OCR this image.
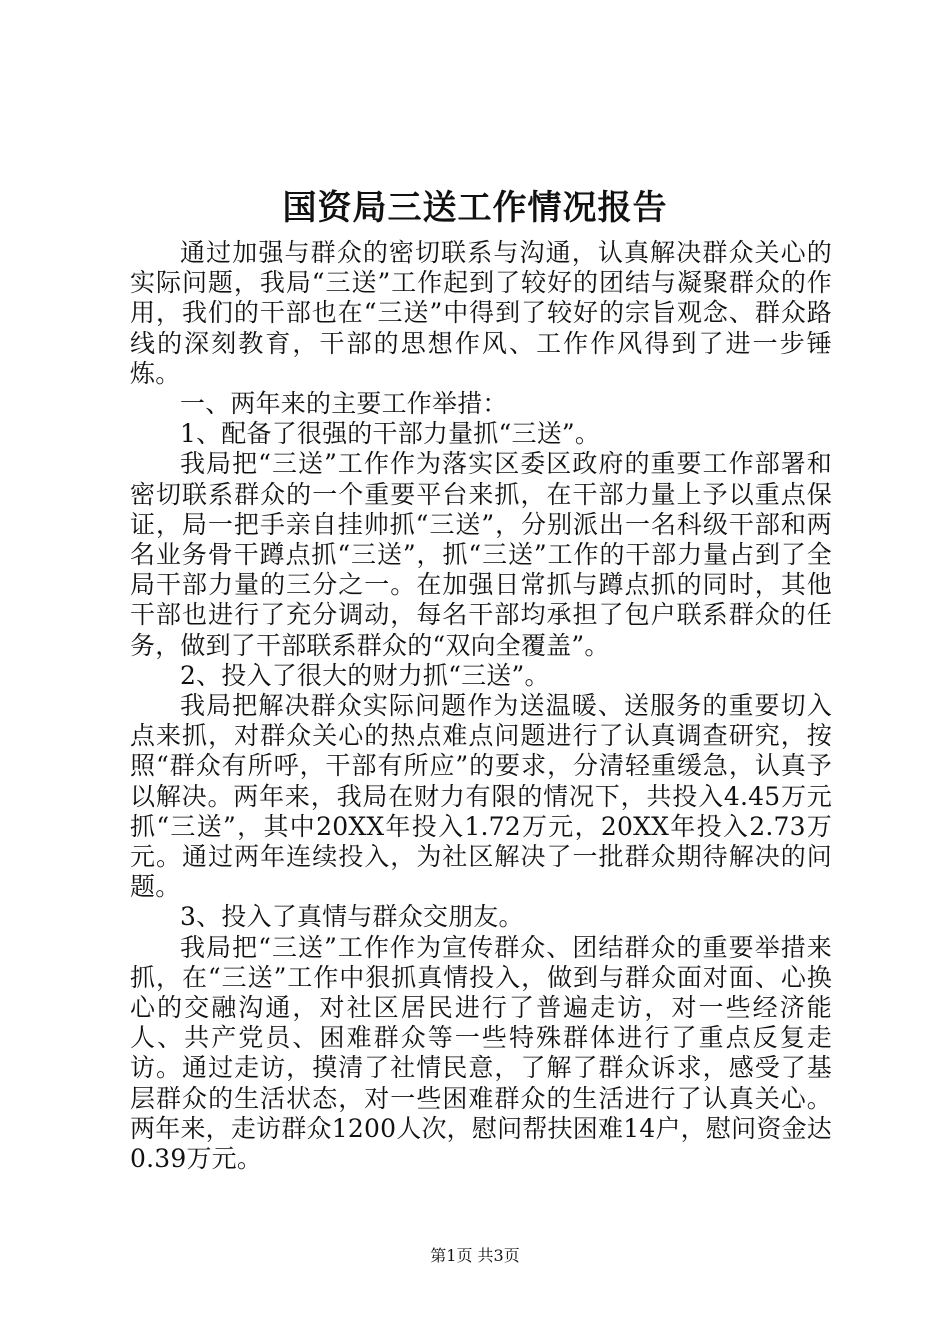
国资局三送工作情况报告

通过加强与群众的密切联系与沟通，认真解决群众关心的实际问题，我局“三送”工作起到了较好的团结与凝聚群众的作用，我们的干部也在“三送”中得到了较好的宗旨观念、群众路线的深刻教育，干部的思想作风、工作作风得到了进一步锤炼。

一、两年来的主要工作举措：

1、配备了很强的干部力量抓“三送”。

我局把“三送”工作作为落实区委区政府的重要工作部署和密切联系群众的一个重要平台来抓，在干部力量上予以重点保证，局一把手亲自挂帅抓“三送”，分别派出一名科级干部和两名业务骨干蹲点抓“三送”，抓“三送”工作的干部力量占到了全局干部力量的三分之一。在加强日常抓与蹲点抓的同时，其他干部也进行了充分调动，每名干部均承担了包户联系群众的任务，做到了干部联系群众的“双向全覆盖”。

2、投入了很大的财力抓“三送”。

我局把解决群众实际问题作为送温暖、送服务的重要切入点来抓，对群众关心的热点难点问题进行了认真调查研究，按照“群众有所呼，干部有所应”的要求，分清轻重缓急，认真予以解决。两年来，我局在财力有限的情况下，共投入4.45万元抓“三送”，其中20XX年投入1.72万元，20XX年投入2.73万元。通过两年连续投入，为社区解决了一批群众期待解决的问题。

3、投入了真情与群众交朋友。

我局把“三送”工作作为宣传群众、团结群众的重要举措来抓，在“三送”工作中狠抓真情投入，做到与群众面对面、心换心的交融沟通，对社区居民进行了普遍走访，对一些经济能人、共产党员、困难群众等一些特殊群体进行了重点反复走访。通过走访，摸清了社情民意，了解了群众诉求，感受了基层群众的生活状态，对一些困难群众的生活进行了认真关心。两年来，走访群众1200人次，慰问帮扶困难14户，慰问资金达0.39万元。

第1页 共3页
